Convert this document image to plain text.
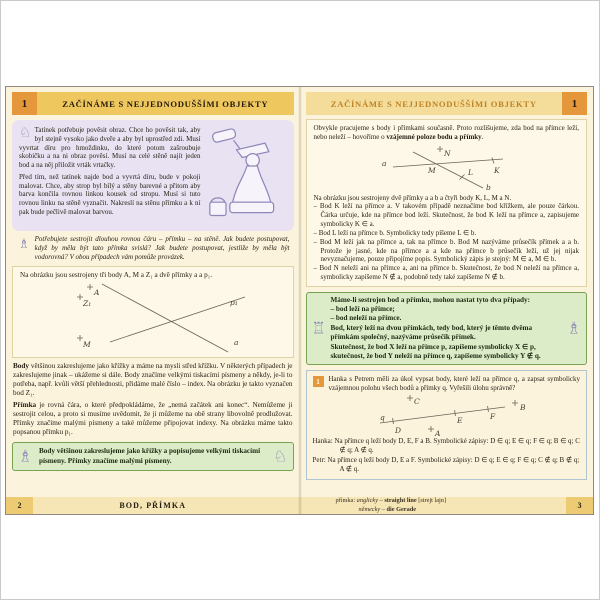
1	ZAČÍNÁME S NEJJEDNODUŠŠÍMI OBJEKTY
♘ Tatínek potřebuje pověsit obraz. Chce ho pověsit tak, aby byl stejně vysoko jako dveře a aby byl uprostřed zdi. Musí vyvrtat díru pro hmoždinku, do které potom zašroubuje skobičku a na ni obraz pověsí. Musí na celé stěně najít jeden bod a na něj přiložit vrták vrtačky.

Před tím, než tatínek najde bod a vyvrtá díru, bude v pokoji malovat. Chce, aby strop byl bílý a stěny barevné a přitom aby barva končila rovnou linkou kousek od stropu. Musí si tuto rovnou linku na stěně vyznačit. Nakreslí na stěnu přímku a k ní pak bude pečlivě malovat barvou.

♗ Potřebujete sestrojit dlouhou rovnou čáru – přímku – na stěně. Jak budete postupovat, když by měla být tato přímka svislá? Jak budete postupovat, jestliže by měla být vodorovná? V obou případech vám pomůže provázek.

Na obrázku jsou sestrojeny tři body A, M a Z₁ a dvě přímky a a p₁.

A
Z₁
M	a
p₁

Body většinou zakreslujeme jako křížky a máme na mysli střed křížku. V některých případech je zakreslujeme jinak – ukážeme si dále. Body značíme velkými tiskacími písmeny a někdy, je-li to potřeba, např. kvůli větší přehlednosti, přidáme malé číslo – index. Na obrázku je takto vyznačen bod Z₁.

Přímka je rovná čára, o které předpokládáme, že „nemá začátek ani konec“. Nemůžeme ji sestrojit celou, a proto si musíme uvědomit, že ji můžeme na obě strany libovolně prodlužovat. Přímky značíme malými písmeny a také můžeme připojovat indexy. Na obrázku máme takto popsanou přímku p₁.

♗ Body většinou zakreslujeme jako křížky a popisujeme velkými tiskacími písmeny. Přímky značíme malými písmeny.	♘
2	BOD, PŘÍMKA
ZAČÍNÁME S NEJJEDNODUŠŠÍMI OBJEKTY	1

Obvykle pracujeme s body i přímkami současně. Proto rozlišujeme, zda bod na přímce leží, nebo neleží – hovoříme o vzájemné poloze bodu a přímky.

N
a
K
M	L
b

Na obrázku jsou sestrojeny dvě přímky a a b a čtyři body K, L, M a N.

– Bod K leží na přímce a. V takovém případě neznačíme bod křížkem, ale pouze čárkou. Čárka určuje, kde na přímce bod leží. Skutečnost, že bod K leží na přímce a, zapisujeme symbolicky K ∈ a.

– Bod L leží na přímce b. Symbolicky tedy píšeme L ∈ b.

– Bod M leží jak na přímce a, tak na přímce b. Bod M nazýváme průsečík přímek a a b. Protože je jasné, kde na přímce a a kde na přímce b průsečík leží, už jej nijak nevyznačujeme, pouze připojíme popis. Symbolický zápis je stejný: M ∈ a, M ∈ b.

– Bod N neleží ani na přímce a, ani na přímce b. Skutečnost, že bod N neleží na přímce a, symbolicky zapíšeme N ∉ a, podobně tedy také zapíšeme N ∉ b.

♖

Máme-li sestrojen bod a přímku, mohou nastat tyto dva případy:

– bod leží na přímce;

– bod neleží na přímce.

Bod, který leží na dvou přímkách, tedy bod, který je těmto dvěma přímkám společný, nazýváme průsečík přímek.

Skutečnost, že bod X leží na přímce p, zapíšeme symbolicky X ∈ p, skutečnost, že bod Y neleží na přímce q, zapíšeme symbolicky Y ∉ q.

♗
1	Hanka s Petrem měli za úkol vypsat body, které leží na přímce q, a zapsat symbolicky vzájemnou polohu všech bodů a přímky q. Vyřešili úlohu správně?

C
q
D	A
E	F
B

Hanka: Na přímce q leží body D, E, F a B. Symbolické zápisy: D ∈ q; E ∈ q; F ∈ q; B ∈ q; C ∉ q; A ∉ q.

Petr: Na přímce q leží body D, E a F. Symbolické zápisy: D ∈ q; E ∈ q; F ∈ q; C ∉ q; B ∉ q; A ∉ q.

přímka: anglicky – straight line [strejt lajn]
německy – die Gerade	3
